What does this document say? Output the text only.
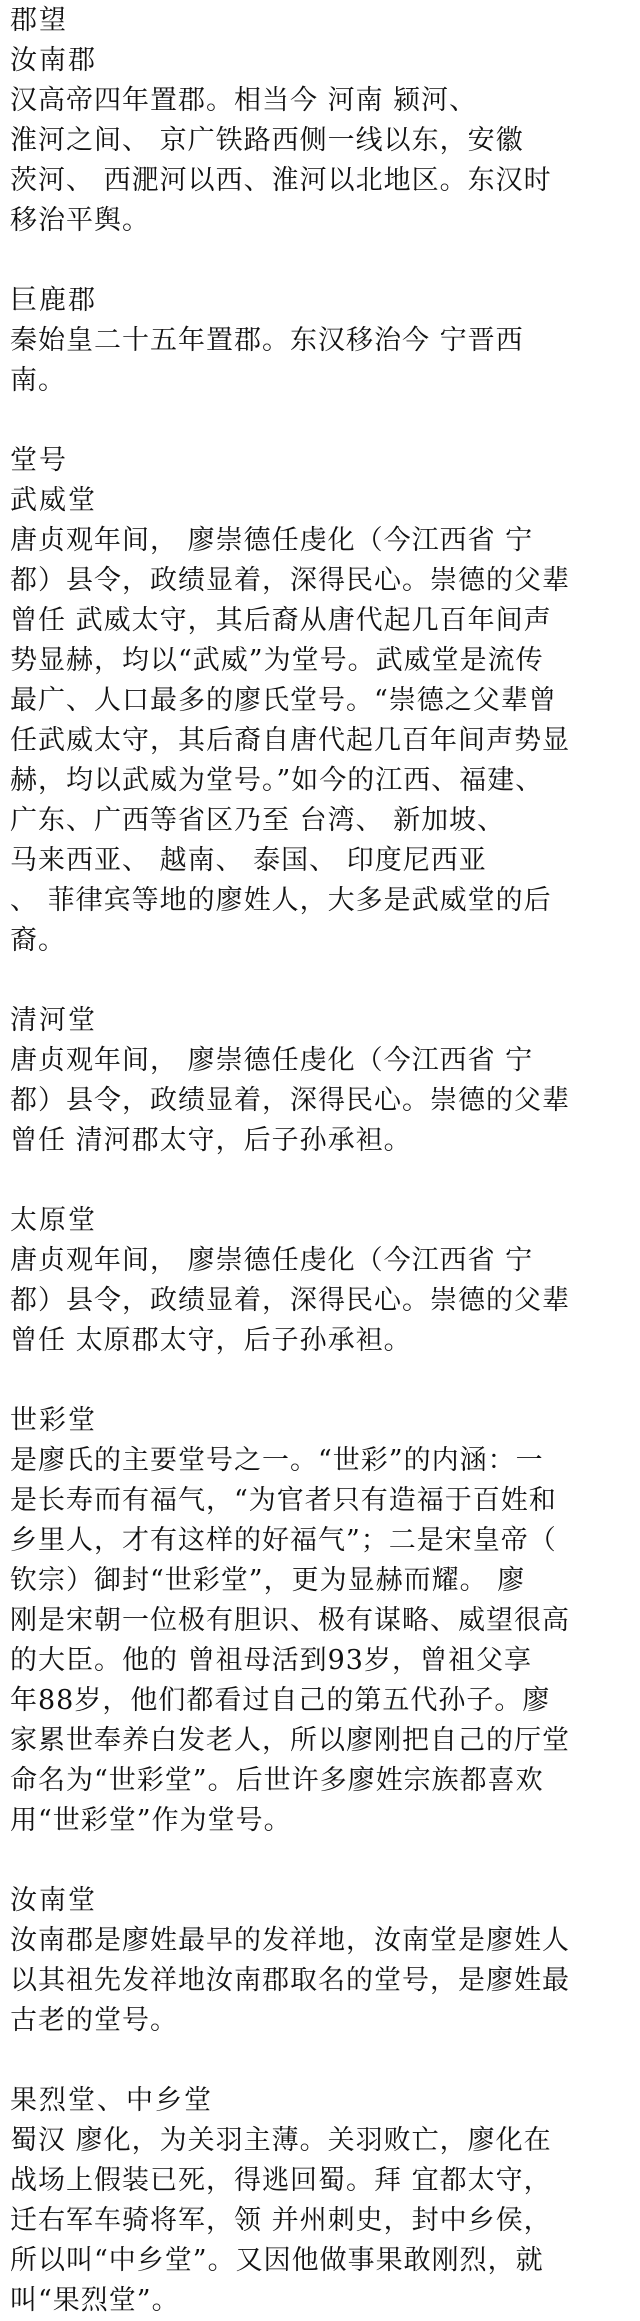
郡望
汝南郡
汉高帝四年置郡。相当今 河南 颍河、
淮河之间、 京广铁路西侧一线以东，安徽
茨河、 西淝河以西、淮河以北地区。东汉时
移治平舆。
巨鹿郡
秦始皇二十五年置郡。东汉移治今 宁晋西
南。
堂号
武威堂
唐贞观年间， 廖崇德任虔化（今江西省 宁
都）县令，政绩显着，深得民心。崇德的父辈
曾任 武威太守，其后裔从唐代起几百年间声
势显赫，均以“武威”为堂号。武威堂是流传
最广、人口最多的廖氏堂号。“崇德之父辈曾
任武威太守，其后裔自唐代起几百年间声势显
赫，均以武威为堂号。”如今的江西、福建、
广东、广西等省区乃至 台湾、 新加坡、
马来西亚、 越南、 泰国、 印度尼西亚
、 菲律宾等地的廖姓人，大多是武威堂的后
裔。
清河堂
唐贞观年间， 廖崇德任虔化（今江西省 宁
都）县令，政绩显着，深得民心。崇德的父辈
曾任 清河郡太守，后子孙承袒。
太原堂
唐贞观年间， 廖崇德任虔化（今江西省 宁
都）县令，政绩显着，深得民心。崇德的父辈
曾任 太原郡太守，后子孙承袒。
世彩堂
是廖氏的主要堂号之一。“世彩”的内涵：一
是长寿而有福气，“为官者只有造福于百姓和
乡里人，才有这样的好福气”；二是宋皇帝（
钦宗）御封“世彩堂”，更为显赫而耀。 廖
刚是宋朝一位极有胆识、极有谋略、威望很高
的大臣。他的 曾祖母活到93岁，曾祖父享
年88岁，他们都看过自己的第五代孙子。廖
家累世奉养白发老人，所以廖刚把自己的厅堂
命名为“世彩堂”。后世许多廖姓宗族都喜欢
用“世彩堂”作为堂号。
汝南堂
汝南郡是廖姓最早的发祥地，汝南堂是廖姓人
以其祖先发祥地汝南郡取名的堂号，是廖姓最
古老的堂号。
果烈堂、中乡堂
蜀汉 廖化，为关羽主薄。关羽败亡，廖化在
战场上假装已死，得逃回蜀。拜 宜都太守，
迁右军车骑将军，领 并州刺史，封中乡侯，
所以叫“中乡堂”。又因他做事果敢刚烈，就
叫“果烈堂”。
